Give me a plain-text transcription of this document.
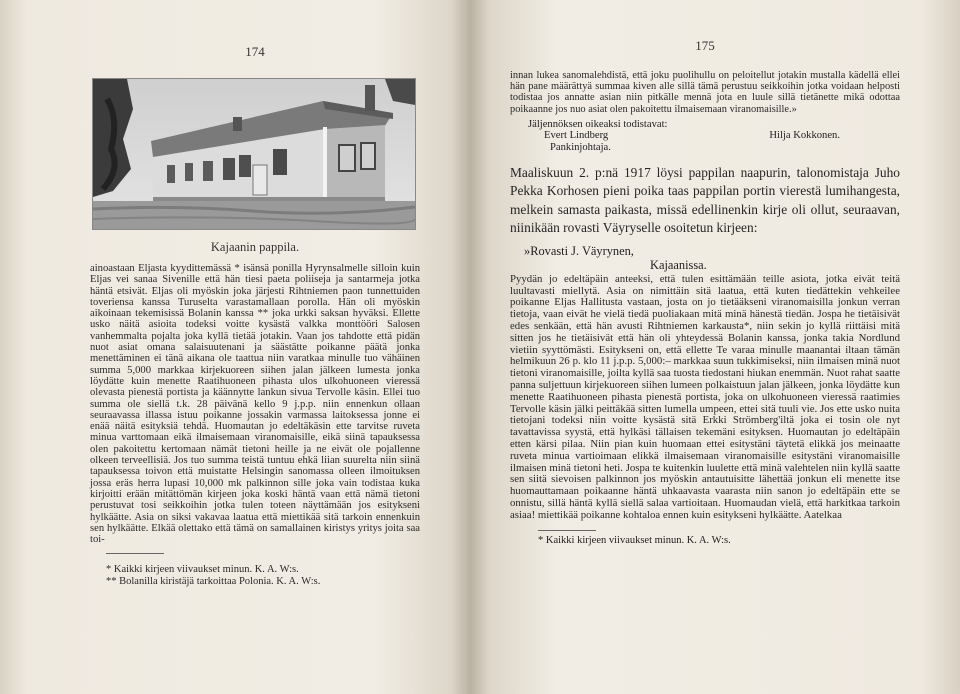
174
Kajaanin pappila.
ainoastaan Eljasta kyydittemässä * isänsä ponilla Hyrynsalmelle silloin kuin Eljas vei sanaa Sivenille että hän tiesi paeta poliiseja ja santarmeja jotka häntä etsivät. Eljas oli myöskin joka järjesti Rihtniemen paon tunnettuiden toveriensa kanssa Turuselta varastamallaan porolla. Hän oli myöskin aikoinaan tekemisissä Bolanin kanssa ** joka urkki saksan hyväksi. Ellette usko näitä asioita todeksi voitte kysästä valkka monttööri Salosen vanhemmalta pojalta joka kyllä tietää jotakin. Vaan jos tahdotte että pidän nuot asiat omana salaisuutenani ja säästätte poikanne päätä jonka menettäminen ei tänä aikana ole taattua niin varatkaa minulle tuo vähäinen summa 5,000 markkaa kirjekuoreen siihen jalan jälkeen lumesta jonka löydätte kuin menette Raatihuoneen pihasta ulos ulkohuoneen vieressä olevasta pienestä portista ja käännytte lankun sivua Tervolle käsin. Ellei tuo summa ole siellä t.k. 28 päivänä kello 9 j.p.p. niin ennenkun ollaan seuraavassa illassa istuu poikanne jossakin varmassa laitoksessa jonne ei enää näitä esityksiä tehdä. Huomautan jo edeltäkäsin ette tarvitse ruveta minua varttomaan eikä ilmaisemaan viranomaisille, eikä siinä tapauksessa olen pakoitettu kertomaan nämät tietoni heille ja ne eivät ole pojallenne olkeen terveellisiä. Jos tuo summa teistä tuntuu ehkä liian suurelta niin siinä tapauksessa toivon että muistatte Helsingin sanomassa olleen ilmoituksen jossa eräs herra lupasi 10,000 mk palkinnon sille joka vain todistaa kuka kirjoitti erään mitättömän kirjeen joka koski häntä vaan että nämä tietoni perustuvat tosi seikkoihin jotka tulen toteen näyttämään jos esitykseni hylkäätte. Asia on siksi vakavaa laatua että miettikää sitä tarkoin ennenkuin sen hylkäätte. Elkää olettako että tämä on samallainen kiristys yritys joita saa toi-
* Kaikki kirjeen viivaukset minun. K. A. W:s.
** Bolanilla kiristäjä tarkoittaa Polonia. K. A. W:s.
175
innan lukea sanomalehdistä, että joku puolihullu on peloitellut jotakin mustalla kädellä ellei hän pane määrättyä summaa kiven alle sillä tämä perustuu seikkoihin jotka voidaan helposti todistaa jos annatte asian niin pitkälle mennä jota en luule sillä tietänette mikä odottaa poikaanne jos nuo asiat olen pakoitettu ilmaisemaan viranomaisille.»
Jäljennöksen oikeaksi todistavat:
Evert Lindberg	Hilja Kokkonen.
Pankinjohtaja.
Maaliskuun 2. p:nä 1917 löysi pappilan naapurin, talonomistaja Juho Pekka Korhosen pieni poika taas pappilan portin vierestä lumihangesta, melkein samasta paikasta, missä edellinenkin kirje oli ollut, seuraavan, niinikään rovasti Väyryselle osoitetun kirjeen:
»Rovasti J. Väyrynen,
Kajaanissa.
Pyydän jo edeltäpäin anteeksi, että tulen esittämään teille asiota, jotka eivät teitä luultavasti miellytä. Asia on nimittäin sitä laatua, että kuten tiedättekin vehkeilee poikanne Eljas Hallitusta vastaan, josta on jo tietääkseni viranomaisilla jonkun verran tietoja, vaan eivät he vielä tiedä puoliakaan mitä minä hänestä tiedän. Jospa he tietäisivät edes senkään, että hän avusti Rihtniemen karkausta*, niin sekin jo kyllä riittäisi mitä sitten jos he tietäisivät että hän oli yhteydessä Bolanin kanssa, jonka takia Nordlund vietiin syyttömästi. Esitykseni on, että ellette Te varaa minulle maanantai iltaan tämän helmikuun 26 p. klo 11 j.p.p. 5,000:– markkaa suun tukkimiseksi, niin ilmaisen minä nuot tietoni viranomaisille, joilta kyllä saa tuosta tiedostani hiukan enemmän. Nuot rahat saatte panna suljettuun kirjekuoreen siihen lumeen polkaistuun jalan jälkeen, jonka löydätte kun menette Raatihuoneen pihasta pienestä portista, joka on ulkohuoneen vieressä raatimies Tervolle käsin jälki peittäkää sitten lumella umpeen, ettei sitä tuuli vie. Jos ette usko nuita tietojani todeksi niin voitte kysästä sitä Erkki Strömberg'iltä joka ei tosin ole nyt tavattavissa syystä, että hylkäsi tällaisen tekemäni esityksen. Huomautan jo edeltäpäin etten kärsi pilaa. Niin pian kuin huomaan ettei esitystäni täytetä elikkä jos meinaatte ruveta minua vartioimaan elikkä ilmaisemaan viranomaisille esitystäni viranomaisille ilmaisen minä tietoni heti. Jospa te kuitenkin luulette että minä valehtelen niin kyllä saatte sen siitä sievoisen palkinnon jos myöskin antautuisitte lähettää jonkun eli menette itse huomauttamaan poikaanne häntä uhkaavasta vaarasta niin sanon jo edeltäpäin ette se onnistu, sillä häntä kyllä siellä salaa vartioitaan. Huomaudan vielä, että harkitkaa tarkoin asiaa! miettikää poikanne kohtaloa ennen kuin esitykseni hylkäätte. Aatelkaa
* Kaikki kirjeen viivaukset minun. K. A. W:s.
